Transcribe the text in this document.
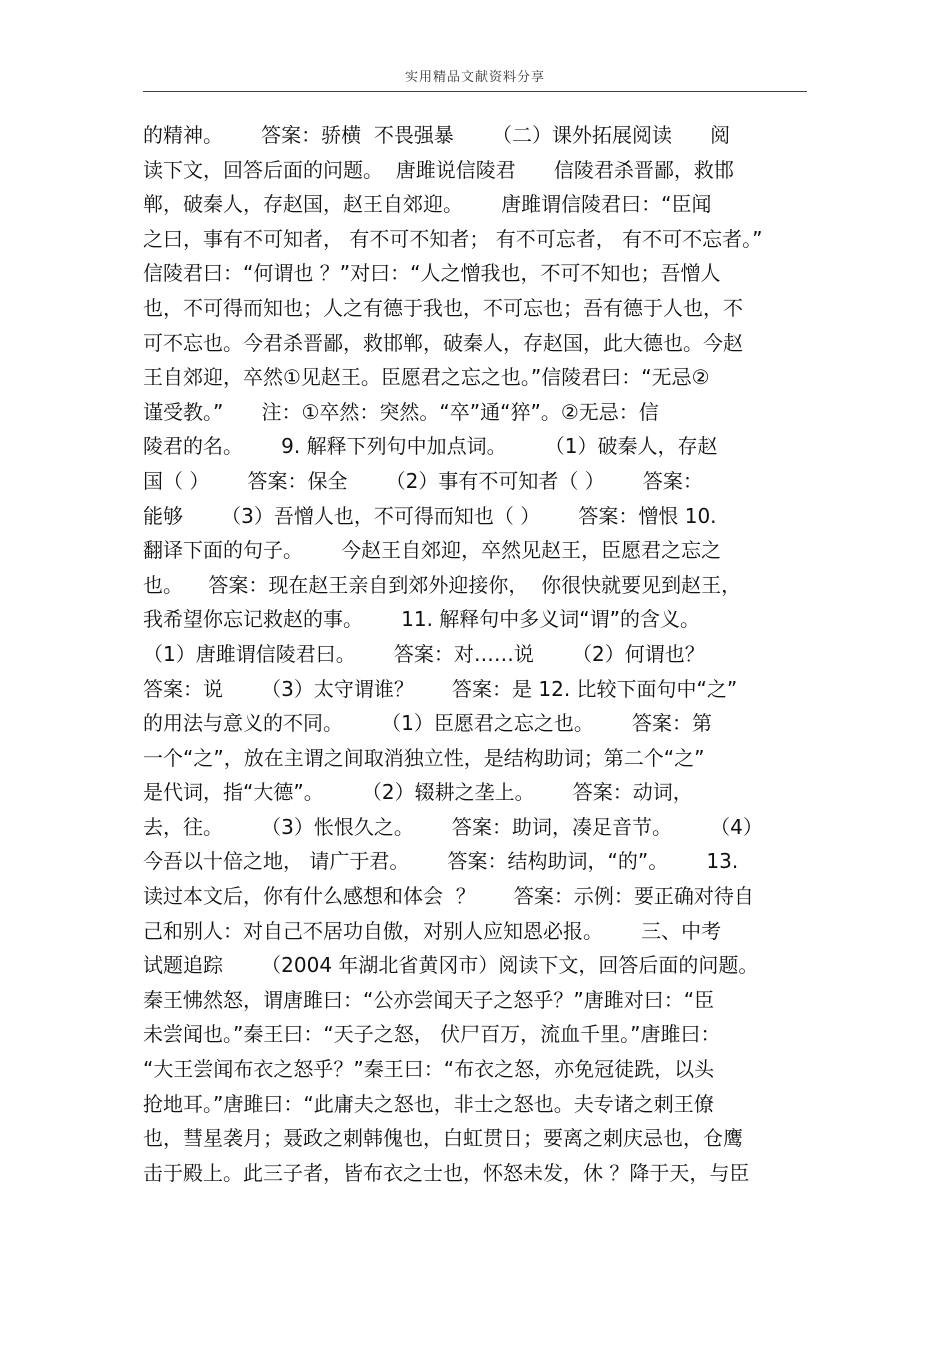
实用精品文献资料分享
的精神。      答案：骄横  不畏强暴      （二）课外拓展阅读      阅
读下文，回答后面的问题。  唐雎说信陵君      信陵君杀晋鄙，救邯
郸，破秦人，存赵国，赵王自郊迎。      唐雎谓信陵君曰：“臣闻
之曰，事有不可知者， 有不可不知者； 有不可忘者， 有不可不忘者。”
信陵君曰：“何谓也 ？”对曰：“人之憎我也，不可不知也；吾憎人
也，不可得而知也；人之有德于我也，不可忘也；吾有德于人也，不
可不忘也。今君杀晋鄙，救邯郸，破秦人，存赵国，此大德也。今赵
王自郊迎，卒然①见赵王。臣愿君之忘之也。”信陵君曰：“无忌②
谨受教。”      注：①卒然：突然。“卒”通“猝”。②无忌：信
陵君的名。      9. 解释下列句中加点词。      （1）破秦人，存赵
国（ ）      答案：保全      （2）事有不可知者（ ）      答案：
能够      （3）吾憎人也，不可得而知也（ ）      答案：憎恨 10.
翻译下面的句子。      今赵王自郊迎，卒然见赵王，臣愿君之忘之
也。    答案：现在赵王亲自到郊外迎接你，  你很快就要见到赵王，
我希望你忘记救赵的事。      11. 解释句中多义词“谓”的含义。
（1）唐雎谓信陵君曰。      答案：对……说      （2）何谓也？
答案：说      （3）太守谓谁？      答案：是 12. 比较下面句中“之”
的用法与意义的不同。      （1）臣愿君之忘之也。      答案：第
一个“之”，放在主谓之间取消独立性，是结构助词；第二个“之”
是代词，指“大德”。      （2）辍耕之垄上。      答案：动词，
去，往。      （3）怅恨久之。      答案：助词，凑足音节。      （4）
今吾以十倍之地， 请广于君。      答案：结构助词，“的”。      13.
读过本文后，你有什么感想和体会  ？      答案：示例：要正确对待自
己和别人：对自己不居功自傲，对别人应知恩必报。      三、中考
试题追踪      （2004 年湖北省黄冈市）阅读下文，回答后面的问题。
秦王怫然怒，谓唐雎曰：“公亦尝闻天子之怒乎？”唐雎对曰：“臣
未尝闻也。”秦王曰：“天子之怒， 伏尸百万，流血千里。”唐雎曰：
“大王尝闻布衣之怒乎？”秦王曰：“布衣之怒，亦免冠徒跣，以头
抢地耳。”唐雎曰：“此庸夫之怒也，非士之怒也。夫专诸之刺王僚
也，彗星袭月；聂政之刺韩傀也，白虹贯日；要离之刺庆忌也，仓鹰
击于殿上。此三子者，皆布衣之士也，怀怒未发，休 ？降于天，与臣
